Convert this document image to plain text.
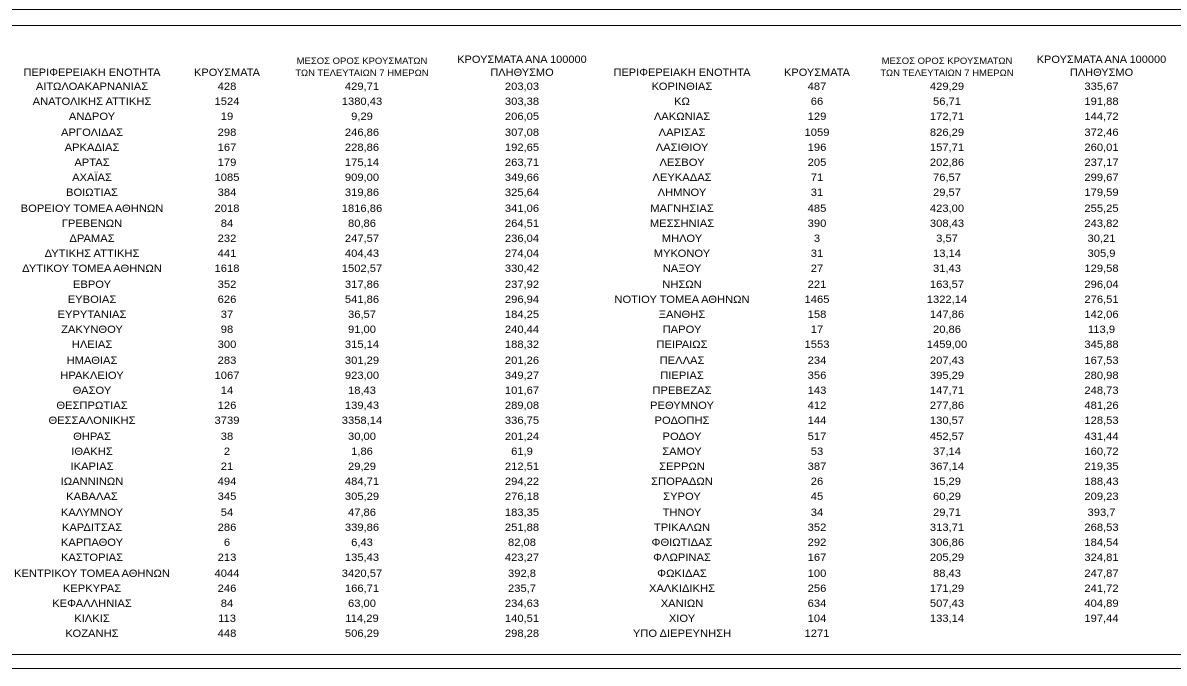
ΠΕΡΙΦΕΡΕΙΑΚΗ ΕΝΟΤΗΤΑ	ΚΡΟΥΣΜΑΤΑ	ΜΕΣΟΣ ΟΡΟΣ ΚΡΟΥΣΜΑΤΩΝ
ΤΩΝ ΤΕΛΕΥΤΑΙΩΝ 7 ΗΜΕΡΩΝ	ΚΡΟΥΣΜΑΤΑ ΑΝΑ 100000
ΠΛΗΘΥΣΜΟ	ΠΕΡΙΦΕΡΕΙΑΚΗ ΕΝΟΤΗΤΑ	ΚΡΟΥΣΜΑΤΑ	ΜΕΣΟΣ ΟΡΟΣ ΚΡΟΥΣΜΑΤΩΝ
ΤΩΝ ΤΕΛΕΥΤΑΙΩΝ 7 ΗΜΕΡΩΝ	ΚΡΟΥΣΜΑΤΑ ΑΝΑ 100000
ΠΛΗΘΥΣΜΟ
ΑΙΤΩΛΟΑΚΑΡΝΑΝΙΑΣ	428	429,71	203,03	ΚΟΡΙΝΘΙΑΣ	487	429,29	335,67
ΑΝΑΤΟΛΙΚΗΣ ΑΤΤΙΚΗΣ	1524	1380,43	303,38	ΚΩ	66	56,71	191,88
ΑΝΔΡΟΥ	19	9,29	206,05	ΛΑΚΩΝΙΑΣ	129	172,71	144,72
ΑΡΓΟΛΙΔΑΣ	298	246,86	307,08	ΛΑΡΙΣΑΣ	1059	826,29	372,46
ΑΡΚΑΔΙΑΣ	167	228,86	192,65	ΛΑΣΙΘΙΟΥ	196	157,71	260,01
ΑΡΤΑΣ	179	175,14	263,71	ΛΕΣΒΟΥ	205	202,86	237,17
ΑΧΑΪΑΣ	1085	909,00	349,66	ΛΕΥΚΑΔΑΣ	71	76,57	299,67
ΒΟΙΩΤΙΑΣ	384	319,86	325,64	ΛΗΜΝΟΥ	31	29,57	179,59
ΒΟΡΕΙΟΥ ΤΟΜΕΑ ΑΘΗΝΩΝ	2018	1816,86	341,06	ΜΑΓΝΗΣΙΑΣ	485	423,00	255,25
ΓΡΕΒΕΝΩΝ	84	80,86	264,51	ΜΕΣΣΗΝΙΑΣ	390	308,43	243,82
ΔΡΑΜΑΣ	232	247,57	236,04	ΜΗΛΟΥ	3	3,57	30,21
ΔΥΤΙΚΗΣ ΑΤΤΙΚΗΣ	441	404,43	274,04	ΜΥΚΟΝΟΥ	31	13,14	305,9
ΔΥΤΙΚΟΥ ΤΟΜΕΑ ΑΘΗΝΩΝ	1618	1502,57	330,42	ΝΑΞΟΥ	27	31,43	129,58
ΕΒΡΟΥ	352	317,86	237,92	ΝΗΣΩΝ	221	163,57	296,04
ΕΥΒΟΙΑΣ	626	541,86	296,94	ΝΟΤΙΟΥ ΤΟΜΕΑ ΑΘΗΝΩΝ	1465	1322,14	276,51
ΕΥΡΥΤΑΝΙΑΣ	37	36,57	184,25	ΞΑΝΘΗΣ	158	147,86	142,06
ΖΑΚΥΝΘΟΥ	98	91,00	240,44	ΠΑΡΟΥ	17	20,86	113,9
ΗΛΕΙΑΣ	300	315,14	188,32	ΠΕΙΡΑΙΩΣ	1553	1459,00	345,88
ΗΜΑΘΙΑΣ	283	301,29	201,26	ΠΕΛΛΑΣ	234	207,43	167,53
ΗΡΑΚΛΕΙΟΥ	1067	923,00	349,27	ΠΙΕΡΙΑΣ	356	395,29	280,98
ΘΑΣΟΥ	14	18,43	101,67	ΠΡΕΒΕΖΑΣ	143	147,71	248,73
ΘΕΣΠΡΩΤΙΑΣ	126	139,43	289,08	ΡΕΘΥΜΝΟΥ	412	277,86	481,26
ΘΕΣΣΑΛΟΝΙΚΗΣ	3739	3358,14	336,75	ΡΟΔΟΠΗΣ	144	130,57	128,53
ΘΗΡΑΣ	38	30,00	201,24	ΡΟΔΟΥ	517	452,57	431,44
ΙΘΑΚΗΣ	2	1,86	61,9	ΣΑΜΟΥ	53	37,14	160,72
ΙΚΑΡΙΑΣ	21	29,29	212,51	ΣΕΡΡΩΝ	387	367,14	219,35
ΙΩΑΝΝΙΝΩΝ	494	484,71	294,22	ΣΠΟΡΑΔΩΝ	26	15,29	188,43
ΚΑΒΑΛΑΣ	345	305,29	276,18	ΣΥΡΟΥ	45	60,29	209,23
ΚΑΛΥΜΝΟΥ	54	47,86	183,35	ΤΗΝΟΥ	34	29,71	393,7
ΚΑΡΔΙΤΣΑΣ	286	339,86	251,88	ΤΡΙΚΑΛΩΝ	352	313,71	268,53
ΚΑΡΠΑΘΟΥ	6	6,43	82,08	ΦΘΙΩΤΙΔΑΣ	292	306,86	184,54
ΚΑΣΤΟΡΙΑΣ	213	135,43	423,27	ΦΛΩΡΙΝΑΣ	167	205,29	324,81
ΚΕΝΤΡΙΚΟΥ ΤΟΜΕΑ ΑΘΗΝΩΝ	4044	3420,57	392,8	ΦΩΚΙΔΑΣ	100	88,43	247,87
ΚΕΡΚΥΡΑΣ	246	166,71	235,7	ΧΑΛΚΙΔΙΚΗΣ	256	171,29	241,72
ΚΕΦΑΛΛΗΝΙΑΣ	84	63,00	234,63	ΧΑΝΙΩΝ	634	507,43	404,89
ΚΙΛΚΙΣ	113	114,29	140,51	ΧΙΟΥ	104	133,14	197,44
ΚΟΖΑΝΗΣ	448	506,29	298,28	ΥΠΟ ΔΙΕΡΕΥΝΗΣΗ	1271		
